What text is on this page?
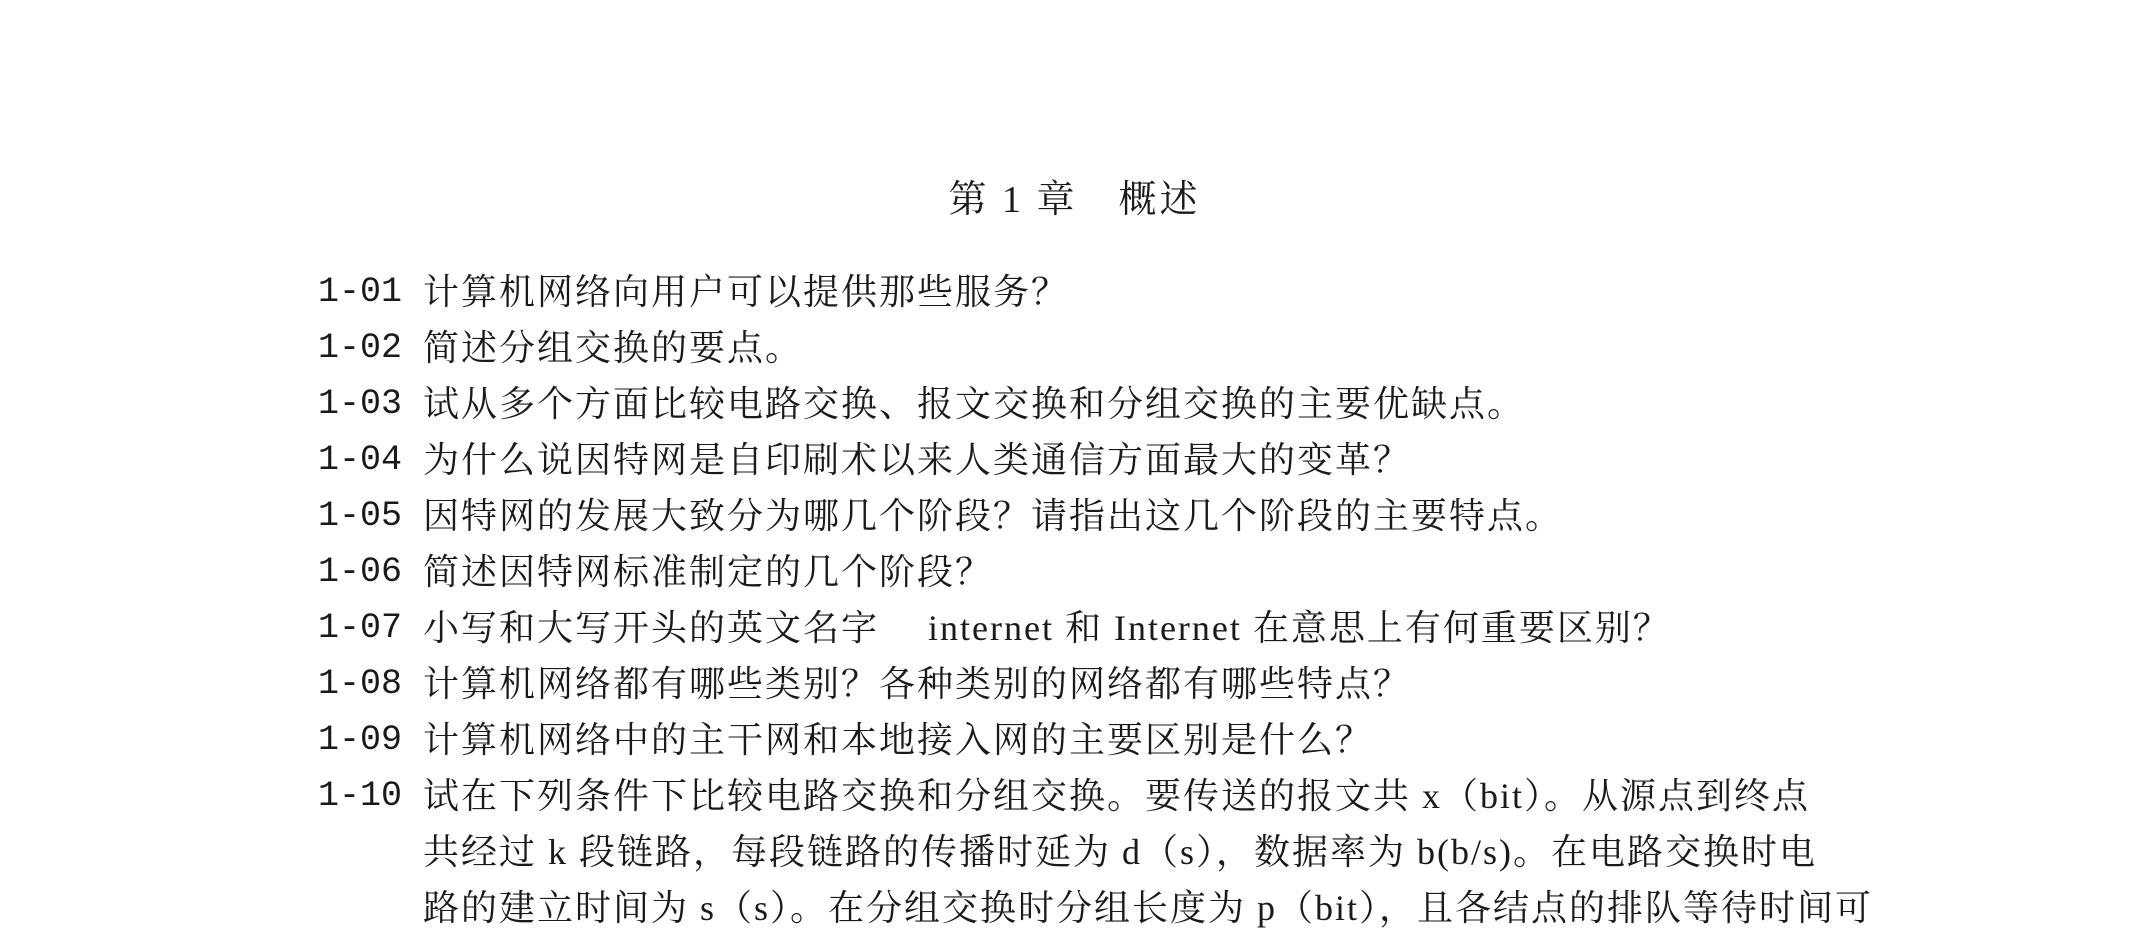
第 1 章　概述
1-01 计算机网络向用户可以提供那些服务？
1-02 简述分组交换的要点。
1-03 试从多个方面比较电路交换、报文交换和分组交换的主要优缺点。
1-04 为什么说因特网是自印刷术以来人类通信方面最大的变革？
1-05 因特网的发展大致分为哪几个阶段？请指出这几个阶段的主要特点。
1-06 简述因特网标准制定的几个阶段？
1-07 小写和大写开头的英文名字　 internet 和 Internet 在意思上有何重要区别？
1-08 计算机网络都有哪些类别？各种类别的网络都有哪些特点？
1-09 计算机网络中的主干网和本地接入网的主要区别是什么？
1-10 试在下列条件下比较电路交换和分组交换。要传送的报文共 x（bit）。从源点到终点
共经过 k 段链路，每段链路的传播时延为 d（s），数据率为 b(b/s)。在电路交换时电
路的建立时间为 s（s）。在分组交换时分组长度为 p（bit），且各结点的排队等待时间可
